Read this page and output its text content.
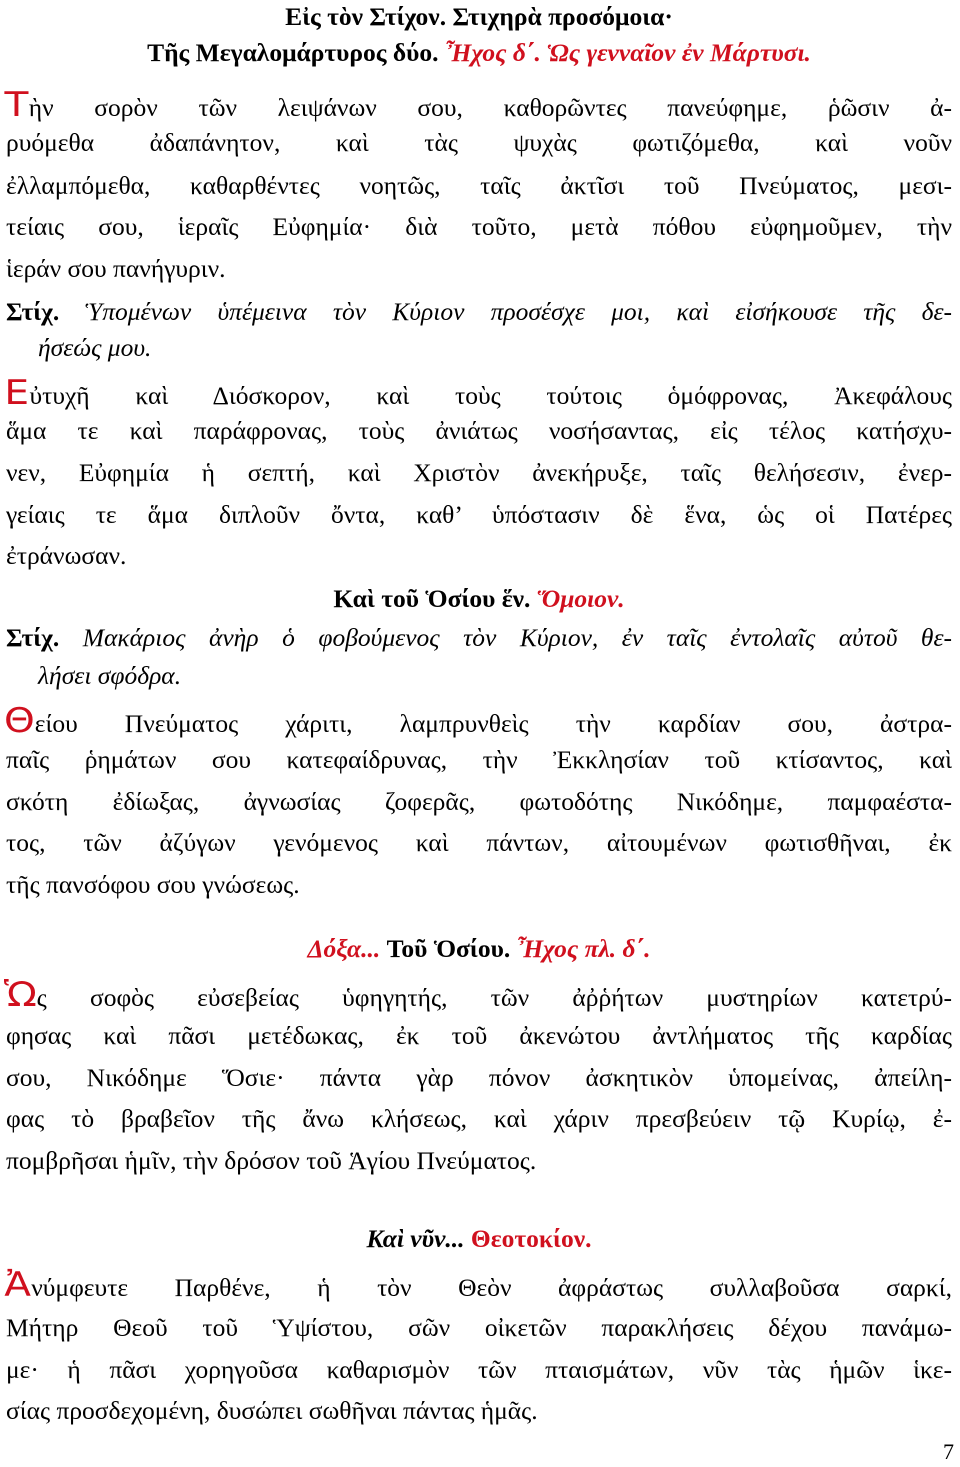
Εἰς τὸν Στίχον. Στιχηρὰ προσόμοια·
Τῆς Μεγαλομάρτυρος δύο. Ἦχος δ΄. Ὡς γενναῖον ἐν Μάρτυσι.
Τὴν σορὸν τῶν λειψάνων σου, καθορῶντες πανεύφημε, ῥῶσιν ἀ-
ρυόμεθα ἀδαπάνητον, καὶ τὰς ψυχὰς φωτιζόμεθα, καὶ νοῦν
ἐλλαμπόμεθα, καθαρθέντες νοητῶς, ταῖς ἀκτῖσι τοῦ Πνεύματος, μεσι-
τείαις σου, ἱεραῖς Εὐφημία· διὰ τοῦτο, μετὰ πόθου εὐφημοῦμεν, τὴν
ἱεράν σου πανήγυριν.
Στίχ. Ὑπομένων ὑπέμεινα τὸν Κύριον προσέσχε μοι, καὶ εἰσήκουσε τῆς δε-
ήσεώς μου.
Εὐτυχῆ καὶ Διόσκορον, καὶ τοὺς τούτοις ὁμόφρονας, Ἀκεφάλους
ἅμα τε καὶ παράφρονας, τοὺς ἀνιάτως νοσήσαντας, εἰς τέλος κατήσχυ-
νεν, Εὐφημία ἡ σεπτή, καὶ Χριστὸν ἀνεκήρυξε, ταῖς θελήσεσιν, ἐνερ-
γείαις τε ἅμα διπλοῦν ὄντα, καθ’ ὑπόστασιν δὲ ἕνα, ὡς οἱ Πατέρες
ἐτράνωσαν.
Καὶ τοῦ Ὁσίου ἕν. Ὅμοιον.
Στίχ. Μακάριος ἀνὴρ ὁ φοβούμενος τὸν Κύριον, ἐν ταῖς ἐντολαῖς αὐτοῦ θε-
λήσει σφόδρα.
Θείου Πνεύματος χάριτι, λαμπρυνθεὶς τὴν καρδίαν σου, ἀστρα-
παῖς ῥημάτων σου κατεφαίδρυνας, τὴν Ἐκκλησίαν τοῦ κτίσαντος, καὶ
σκότη ἐδίωξας, ἀγνωσίας ζοφερᾶς, φωτοδότης Νικόδημε, παμφαέστα-
τος, τῶν ἀζύγων γενόμενος καὶ πάντων, αἰτουμένων φωτισθῆναι, ἐκ
τῆς πανσόφου σου γνώσεως.
Δόξα... Τοῦ Ὁσίου. Ἦχος πλ. δ΄.
Ὡς σοφὸς εὐσεβείας ὑφηγητής, τῶν ἀῤῥήτων μυστηρίων κατετρύ-
φησας καὶ πᾶσι μετέδωκας, ἐκ τοῦ ἀκενώτου ἀντλήματος τῆς καρδίας
σου, Νικόδημε Ὅσιε· πάντα γὰρ πόνον ἀσκητικὸν ὑπομείνας, ἀπείλη-
φας τὸ βραβεῖον τῆς ἄνω κλήσεως, καὶ χάριν πρεσβεύειν τῷ Κυρίῳ, ἐ-
πομβρῆσαι ἡμῖν, τὴν δρόσον τοῦ Ἁγίου Πνεύματος.
Καὶ νῦν... Θεοτοκίον.
Ἀνύμφευτε Παρθένε, ἡ τὸν Θεὸν ἀφράστως συλλαβοῦσα σαρκί,
Μήτηρ Θεοῦ τοῦ Ὑψίστου, σῶν οἰκετῶν παρακλήσεις δέχου πανάμω-
με· ἡ πᾶσι χορηγοῦσα καθαρισμὸν τῶν πταισμάτων, νῦν τὰς ἡμῶν ἱκε-
σίας προσδεχομένη, δυσώπει σωθῆναι πάντας ἡμᾶς.
7
